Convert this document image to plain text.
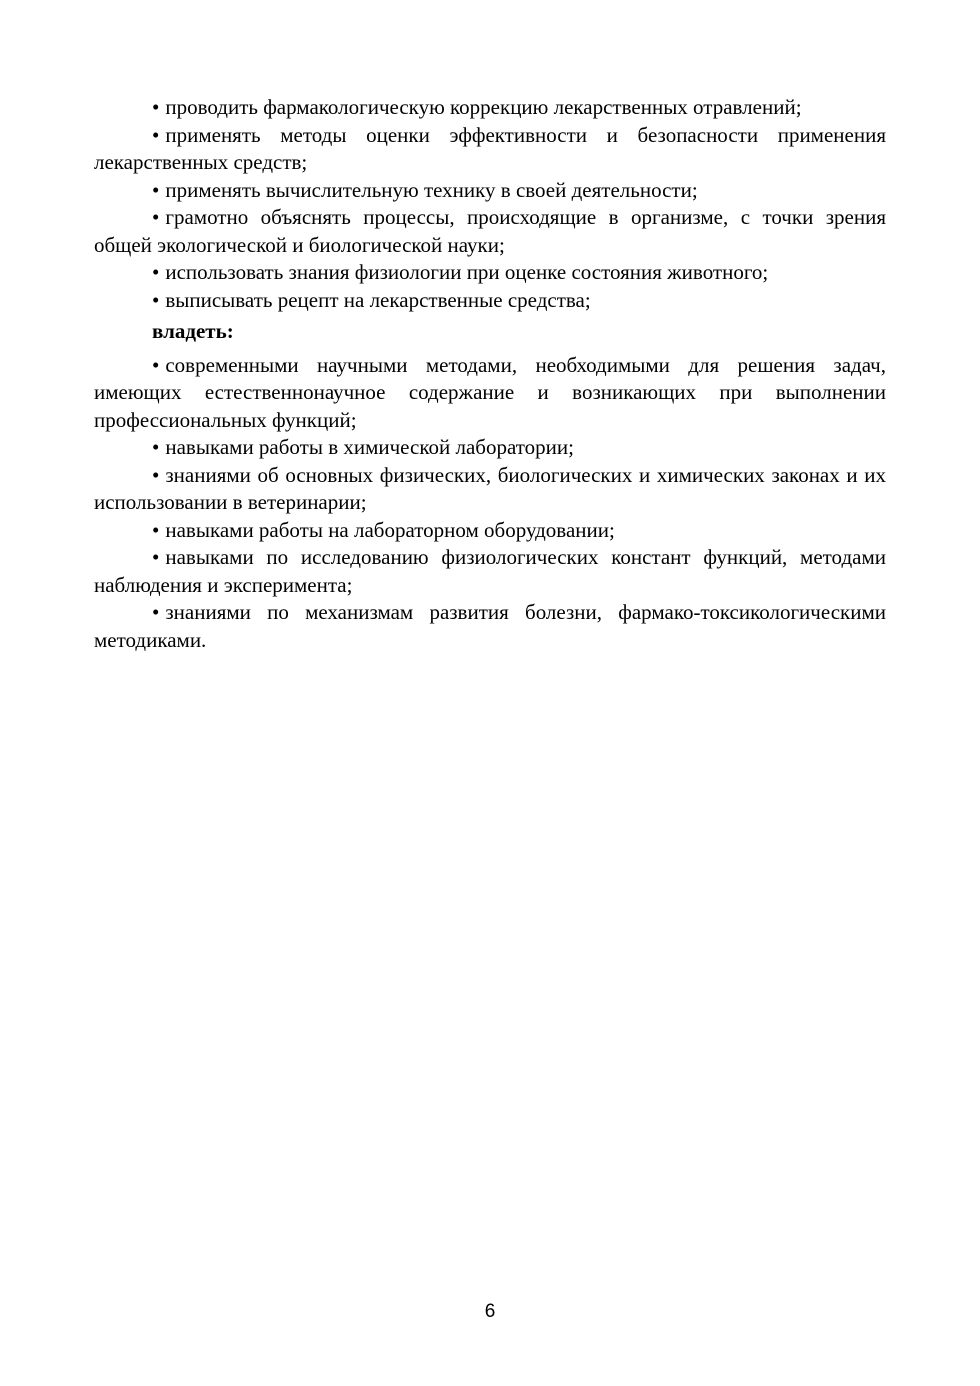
• проводить фармакологическую коррекцию лекарственных отравлений;

• применять методы оценки эффективности и безопасности применения лекарственных средств;

• применять вычислительную технику в своей деятельности;

• грамотно объяснять процессы, происходящие в организме, с точки зрения общей экологической и биологической науки;

• использовать знания физиологии при оценке состояния животного;

• выписывать рецепт на лекарственные средства;

владеть:

• современными научными методами, необходимыми для решения задач, имеющих естественнонаучное содержание и возникающих при выполнении профессиональных функций;

• навыками работы в химической лаборатории;

• знаниями об основных физических, биологических и химических законах и их использовании в ветеринарии;

• навыками работы на лабораторном оборудовании;

• навыками по исследованию физиологических констант функций, методами наблюдения и эксперимента;

• знаниями по механизмам развития болезни, фармако-токсикологическими методиками.

6
